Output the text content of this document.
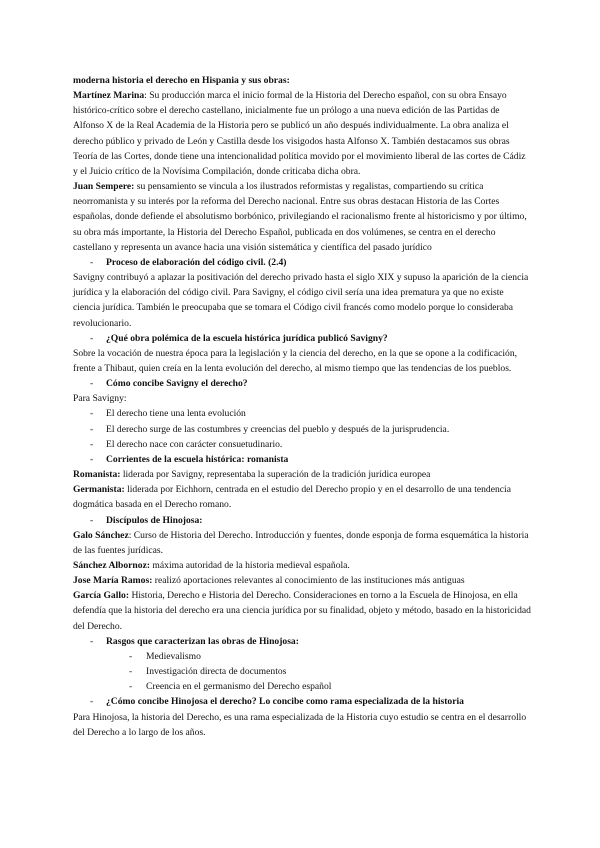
moderna historia el derecho en Hispania y sus obras:

Martínez Marina: Su producción marca el inicio formal de la Historia del Derecho español, con su obra Ensayo histórico-crítico sobre el derecho castellano, inicialmente fue un prólogo a una nueva edición de las Partidas de Alfonso X de la Real Academia de la Historia pero se publicó un año después individualmente. La obra analiza el derecho público y privado de León y Castilla desde los visigodos hasta Alfonso X. También destacamos sus obras Teoría de las Cortes, donde tiene una intencionalidad política movido por el movimiento liberal de las cortes de Cádiz y el Juicio crítico de la Novísima Compilación, donde criticaba dicha obra.

Juan Sempere: su pensamiento se vincula a los ilustrados reformistas y regalistas, compartiendo su crítica neorromanista y su interés por la reforma del Derecho nacional. Entre sus obras destacan Historia de las Cortes españolas, donde defiende el absolutismo borbónico, privilegiando el racionalismo frente al historicismo y por último, su obra más importante, la Historia del Derecho Español, publicada en dos volúmenes, se centra en el derecho castellano y representa un avance hacia una visión sistemática y científica del pasado jurídico

- Proceso de elaboración del código civil. (2.4)

Savigny contribuyó a aplazar la positivación del derecho privado hasta el siglo XIX y supuso la aparición de la ciencia jurídica y la elaboración del código civil. Para Savigny, el código civil sería una idea prematura ya que no existe ciencia jurídica. También le preocupaba que se tomara el Código civil francés como modelo porque lo consideraba revolucionario.

- ¿Qué obra polémica de la escuela histórica jurídica publicó Savigny?

Sobre la vocación de nuestra época para la legislación y la ciencia del derecho, en la que se opone a la codificación, frente a Thibaut, quien creía en la lenta evolución del derecho, al mismo tiempo que las tendencias de los pueblos.

- Cómo concibe Savigny el derecho?

Para Savigny:

- El derecho tiene una lenta evolución

- El derecho surge de las costumbres y creencias del pueblo y después de la jurisprudencia.

- El derecho nace con carácter consuetudinario.

- Corrientes de la escuela histórica: romanista

Romanista: liderada por Savigny, representaba la superación de la tradición jurídica europea

Germanista: liderada por Eichhorn, centrada en el estudio del Derecho propio y en el desarrollo de una tendencia dogmática basada en el Derecho romano.

- Discípulos de Hinojosa:

Galo Sánchez: Curso de Historia del Derecho. Introducción y fuentes, donde esponja de forma esquemática la historia de las fuentes jurídicas.

Sánchez Albornoz: máxima autoridad de la historia medieval española.

Jose María Ramos: realizó aportaciones relevantes al conocimiento de las instituciones más antiguas

García Gallo: Historia, Derecho e Historia del Derecho. Consideraciones en torno a la Escuela de Hinojosa, en ella defendía que la historia del derecho era una ciencia jurídica por su finalidad, objeto y método, basado en la historicidad del Derecho.

- Rasgos que caracterizan las obras de Hinojosa:

- Medievalismo

- Investigación directa de documentos

- Creencia en el germanismo del Derecho español

- ¿Cómo concibe Hinojosa el derecho? Lo concibe como rama especializada de la historia

Para Hinojosa, la historia del Derecho, es una rama especializada de la Historia cuyo estudio se centra en el desarrollo del Derecho a lo largo de los años.
